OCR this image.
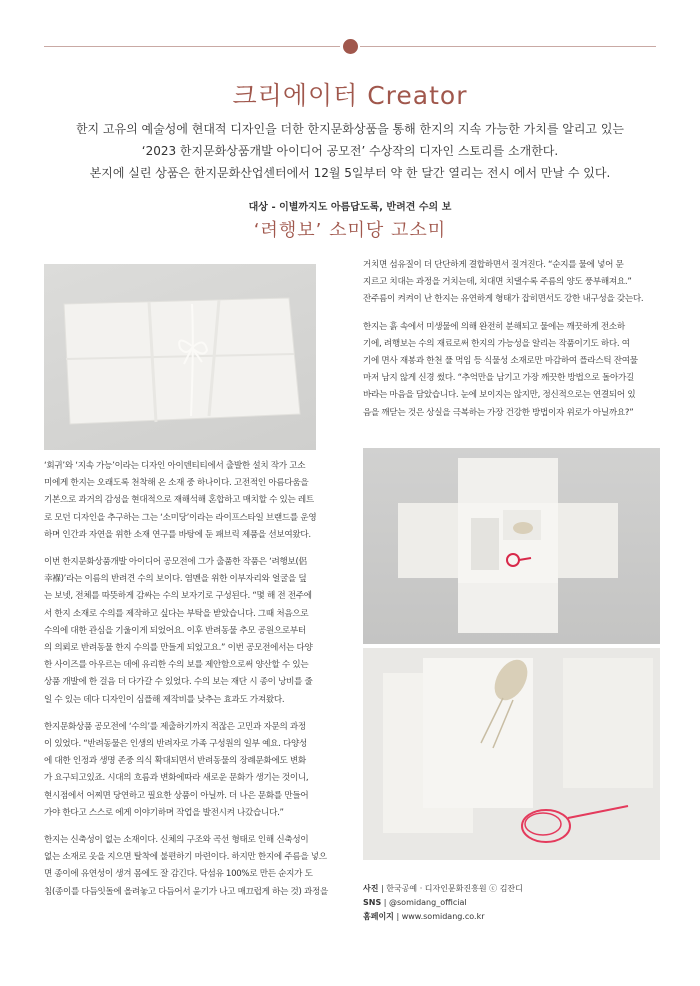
크리에이터 Creator
한지 고유의 예술성에 현대적 디자인을 더한 한지문화상품을 통해 한지의 지속 가능한 가치를 알리고 있는
‘2023 한지문화상품개발 아이디어 공모전’ 수상작의 디자인 스토리를 소개한다.
본지에 실린 상품은 한지문화산업센터에서 12월 5일부터 약 한 달간 열리는 전시 에서 만날 수 있다.
대상 - 이별까지도 아름답도록, 반려견 수의 보
‘려행보’ 소미당 고소미

‘회귀’와 ‘지속 가능’이라는 디자인 아이덴티티에서 출발한 설치 작가 고소
미에게 한지는 오래도록 천착해 온 소재 중 하나이다. 고전적인 아름다움을
기본으로 과거의 감성을 현대적으로 재해석해 혼합하고 매치할 수 있는 레트
로 모던 디자인을 추구하는 그는 ‘소미당’이라는 라이프스타일 브랜드를 운영
하며 인간과 자연을 위한 소재 연구를 바탕에 둔 패브릭 제품을 선보여왔다.

이번 한지문화상품개발 아이디어 공모전에 그가 출품한 작품은 ‘려행보(侶
幸褓)’라는 이름의 반려견 수의 보이다. 염멘을 위한 이부자리와 얼굴을 덮
는 보넷, 전체를 따뜻하게 감싸는 수의 보자기로 구성된다. “몇 해 전 전주에
서 한지 소재로 수의를 제작하고 싶다는 부탁을 받았습니다. 그때 처음으로
수의에 대한 관심을 기울이게 되었어요. 이후 반려동물 추모 공원으로부터
의 의뢰로 반려동물 한지 수의를 만들게 되었고요.” 이번 공모전에서는 다양
한 사이즈를 아우르는 데에 유리한 수의 보를 제안함으로써 양산할 수 있는
상품 개발에 한 걸음 더 다가갈 수 있었다. 수의 보는 재단 시 종이 낭비를 줄
일 수 있는 데다 디자인이 심플해 제작비를 낮추는 효과도 가져왔다.

한지문화상품 공모전에 ‘수의’를 제출하기까지 적잖은 고민과 자문의 과정
이 있었다. “반려동물은 인생의 반려자로 가족 구성원의 일부 예요. 다양성
에 대한 인정과 생명 존중 의식 확대되면서 반려동물의 장례문화에도 변화
가 요구되고있죠. 시대의 흐름과 변화에따라 새로운 문화가 생기는 것이니,
현시점에서 어찌면 당연하고 필요한 상품이 아닐까. 더 나은 문화를 만들어
가야 한다고 스스로 에게 이야기하며 작업을 발전시켜 나갔습니다.”

한지는 신축성이 없는 소재이다. 신체의 구조와 곡선 형태로 인해 신축성이
없는 소재로 옷을 지으면 탈착에 불편하기 마련이다. 하지만 한지에 주름을 넣으
면 종이에 유연성이 생겨 몸에도 잘 감긴다. 닥섬유 100%로 만든 순지가 도
침(종이를 다듬잇돌에 올려놓고 다듬어서 윤기가 나고 매끄럽게 하는 것) 과정을

거치면 섬유질이 더 단단하게 결합하면서 질겨진다. “순지를 물에 넣어 문
지르고 치대는 과정을 거치는데, 치대면 치댈수록 주름의 양도 풍부해져요.”
잔주름이 켜켜이 난 한지는 유연하게 형태가 잡히면서도 강한 내구성을 갖는다.

한지는 흙 속에서 미생물에 의해 완전히 분해되고 물에는 깨끗하게 전소하
기에, 려행보는 수의 재료로써 한지의 가능성을 알리는 작품이기도 하다. 여
기에 면사 재봉과 한천 풀 먹임 등 식물성 소재로만 마감하여 플라스틱 잔여물
마저 남지 않게 신경 썼다. “추억만을 남기고 가장 깨끗한 방법으로 돌아가길
바라는 마음을 담았습니다. 눈에 보이지는 않지만, 정신적으로는 연결되어 있
음을 깨닫는 것은 상실을 극복하는 가장 건강한 방법이자 위로가 아닐까요?”

사진 | 한국공예 · 디자인문화진흥원 ⓒ 김잔디
SNS | @somidang_official
홈페이지 | www.somidang.co.kr
